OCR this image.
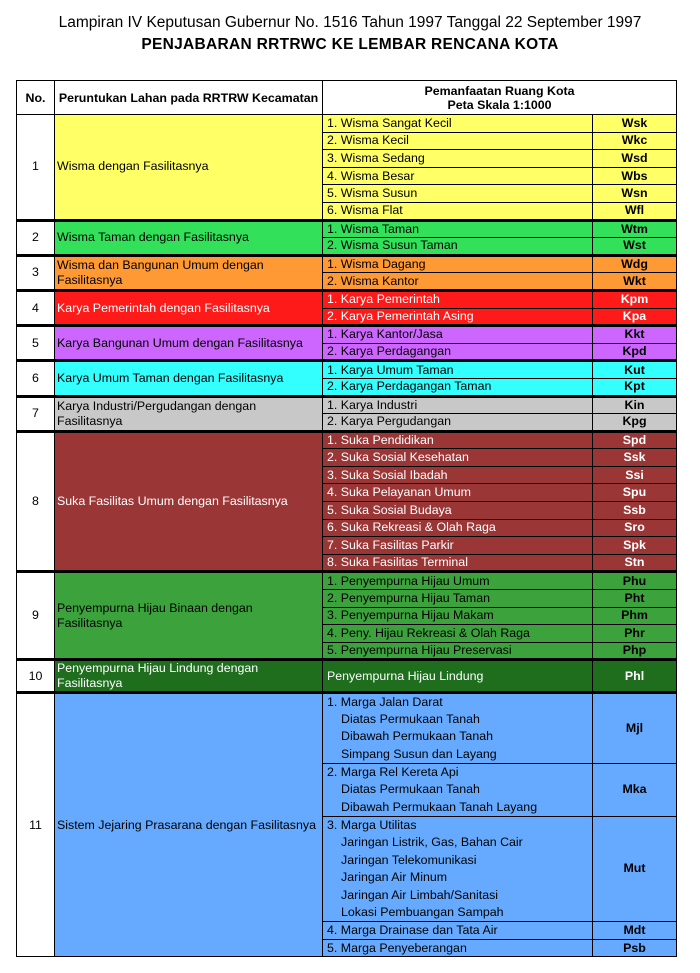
Lampiran IV Keputusan Gubernur No. 1516 Tahun 1997 Tanggal 22 September 1997
PENJABARAN RRTRWC KE LEMBAR RENCANA KOTA
No.	Peruntukan Lahan pada RRTRW Kecamatan	Pemanfaatan Ruang Kota
Peta Skala 1:1000	

1	Wisma dengan Fasilitasnya	1. Wisma Sangat Kecil	Wsk
		2. Wisma Kecil	Wkc
		3. Wisma Sedang	Wsd
		4. Wisma Besar	Wbs
		5. Wisma Susun	Wsn
		6. Wisma Flat	Wfl
2	Wisma Taman dengan Fasilitasnya	1. Wisma Taman	Wtm
		2. Wisma Susun Taman	Wst
3	Wisma dan Bangunan Umum dengan Fasilitasnya	1. Wisma Dagang	Wdg
		2. Wisma Kantor	Wkt
4	Karya Pemerintah dengan Fasilitasnya	1. Karya Pemerintah	Kpm
		2. Karya Pemerintah Asing	Kpa
5	Karya Bangunan Umum dengan Fasilitasnya	1. Karya Kantor/Jasa	Kkt
		2. Karya Perdagangan	Kpd
6	Karya Umum Taman dengan Fasilitasnya	1. Karya Umum Taman	Kut
		2. Karya Perdagangan Taman	Kpt
7	Karya Industri/Pergudangan dengan Fasilitasnya	1. Karya Industri	Kin
		2. Karya Pergudangan	Kpg
8	Suka Fasilitas Umum dengan Fasilitasnya	1. Suka Pendidikan	Spd
		2. Suka Sosial Kesehatan	Ssk
		3. Suka Sosial Ibadah	Ssi
		4. Suka Pelayanan Umum	Spu
		5. Suka Sosial Budaya	Ssb
		6. Suka Rekreasi & Olah Raga	Sro
		7. Suka Fasilitas Parkir	Spk
		8. Suka Fasilitas Terminal	Stn
9	Penyempurna Hijau Binaan dengan Fasilitasnya	1. Penyempurna Hijau Umum	Phu
		2. Penyempurna Hijau Taman	Pht
		3. Penyempurna Hijau Makam	Phm
		4. Peny. Hijau Rekreasi & Olah Raga	Phr
		5. Penyempurna Hijau Preservasi	Php
10	Penyempurna Hijau Lindung dengan Fasilitasnya	Penyempurna Hijau Lindung	Phl
11	Sistem Jejaring Prasarana dengan Fasilitasnya	1. Marga Jalan Darat	Mjl
		Diatas Permukaan Tanah	
		Dibawah Permukaan Tanah	
		Simpang Susun dan Layang	
		2. Marga Rel Kereta Api	Mka
		Diatas Permukaan Tanah	
		Dibawah Permukaan Tanah Layang	
		3. Marga Utilitas	Mut
		Jaringan Listrik, Gas, Bahan Cair	
		Jaringan Telekomunikasi	
		Jaringan Air Minum	
		Jaringan Air Limbah/Sanitasi	
		Lokasi Pembuangan Sampah	
		4. Marga Drainase dan Tata Air	Mdt
		5. Marga Penyeberangan	Psb
